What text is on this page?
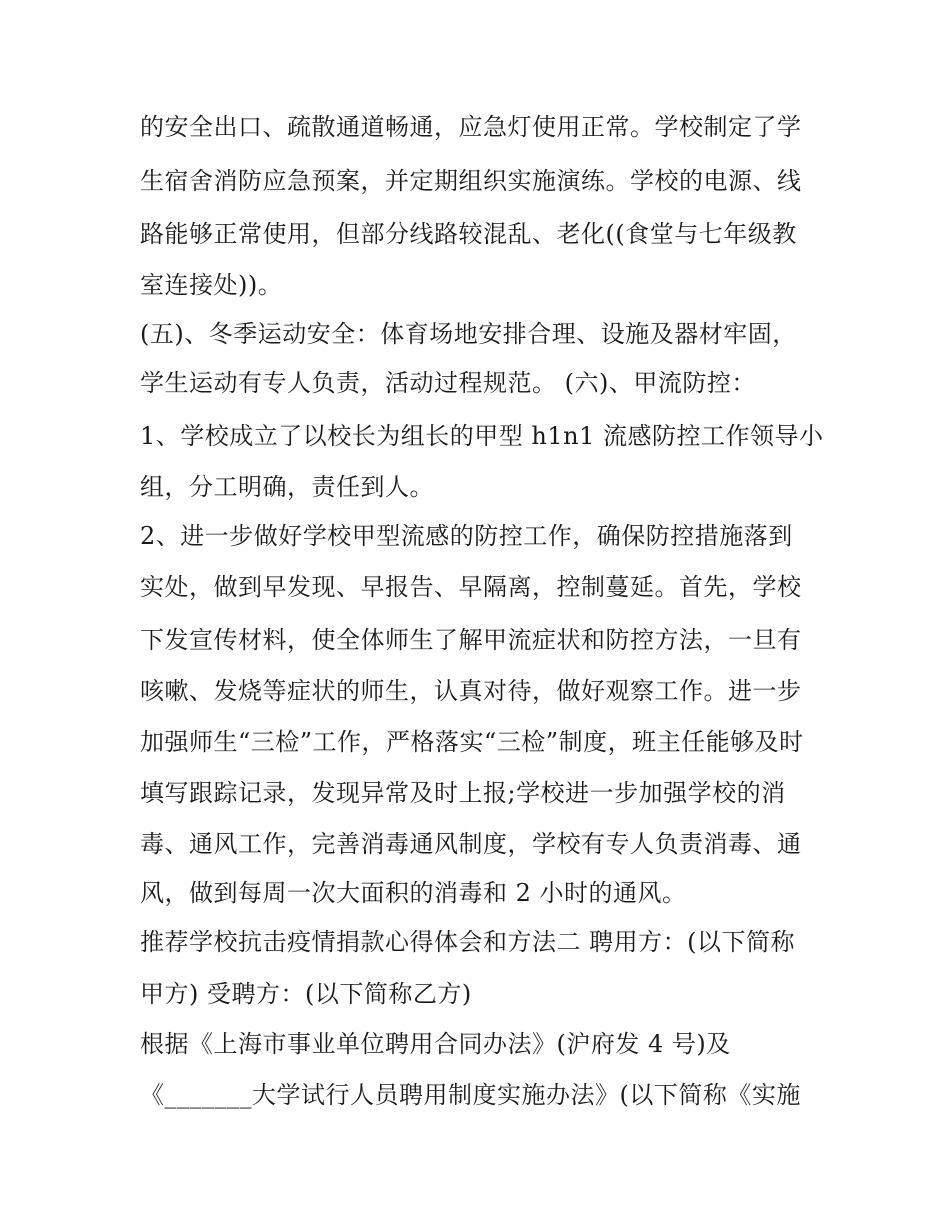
的安全出口、疏散通道畅通，应急灯使用正常。学校制定了学
生宿舍消防应急预案，并定期组织实施演练。学校的电源、线
路能够正常使用，但部分线路较混乱、老化((食堂与七年级教
室连接处))。
(五)、冬季运动安全：体育场地安排合理、设施及器材牢固，
学生运动有专人负责，活动过程规范。 (六)、甲流防控：
1、学校成立了以校长为组长的甲型 h1n1 流感防控工作领导小
组，分工明确，责任到人。
2、进一步做好学校甲型流感的防控工作，确保防控措施落到
实处，做到早发现、早报告、早隔离，控制蔓延。首先，学校
下发宣传材料，使全体师生了解甲流症状和防控方法，一旦有
咳嗽、发烧等症状的师生，认真对待，做好观察工作。进一步
加强师生“三检”工作，严格落实“三检”制度，班主任能够及时
填写跟踪记录，发现异常及时上报;学校进一步加强学校的消
毒、通风工作，完善消毒通风制度，学校有专人负责消毒、通
风，做到每周一次大面积的消毒和 2 小时的通风。
推荐学校抗击疫情捐款心得体会和方法二 聘用方：(以下简称
甲方) 受聘方：(以下简称乙方)
根据《上海市事业单位聘用合同办法》(沪府发 4 号)及
《_______大学试行人员聘用制度实施办法》(以下简称《实施
